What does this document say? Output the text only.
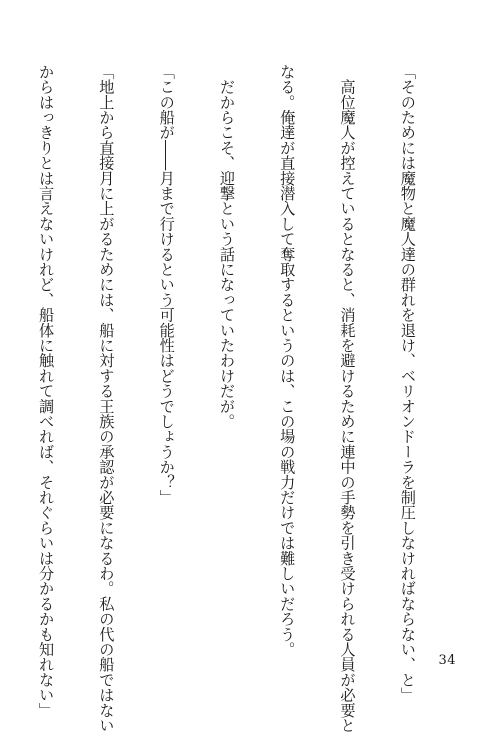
「そのためには魔物と魔人達の群れを退け、ベリオンドーラを制圧しなければならない、と」

　高位魔人が控えているとなると、消耗を避けるために連中の手勢を引き受けられる人員が必要と

なる。俺達が直接潜入して奪取するというのは、この場の戦力だけでは難しいだろう。

　だからこそ、迎撃という話になっていたわけだが。

「この船が――月まで行けるという可能性はどうでしょうか？」

「地上から直接月に上がるためには、船に対する王族の承認が必要になるわ。私の代の船ではない

からはっきりとは言えないけれど、船体に触れて調べれば、それぐらいは分かるかも知れない」

	34
